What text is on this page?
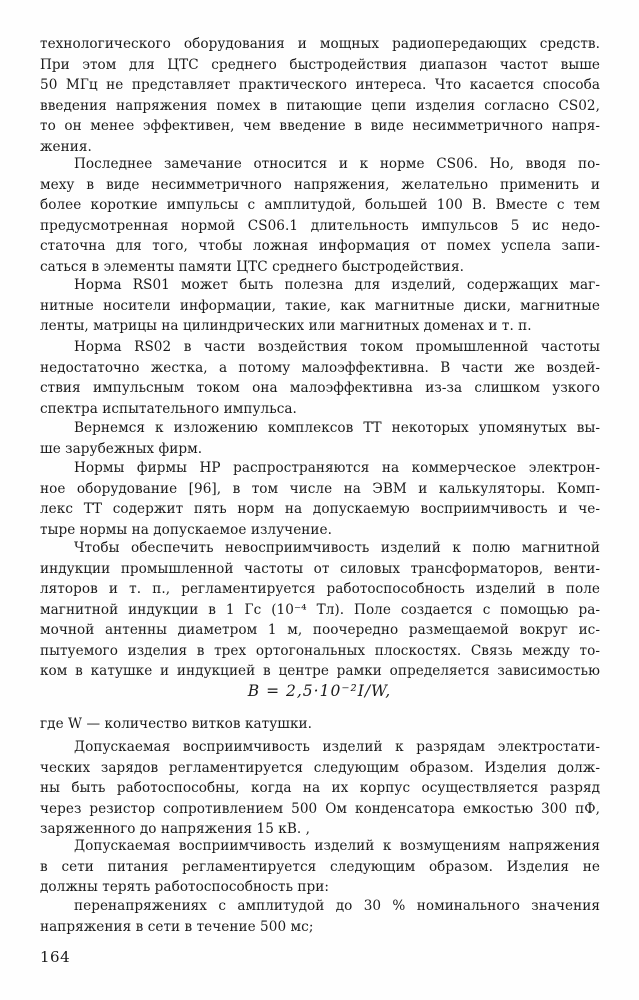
технологического оборудования и мощных радиопередающих средств.
При этом для ЦТС среднего быстродействия диапазон частот выше
50 МГц не представляет практического интереса. Что касается способа
введения напряжения помех в питающие цепи изделия согласно CS02,
то он менее эффективен, чем введение в виде несимметричного напря-
жения.
Последнее замечание относится и к норме CS06. Но, вводя по-
меху в виде несимметричного напряжения, желательно применить и
более короткие импульсы с амплитудой, большей 100 В. Вместе с тем
предусмотренная нормой CS06.1 длительность импульсов 5 ис недо-
статочна для того, чтобы ложная информация от помех успела запи-
саться в элементы памяти ЦТС среднего быстродействия.
Норма RS01 может быть полезна для изделий, содержащих маг-
нитные носители информации, такие, как магнитные диски, магнитные
ленты, матрицы на цилиндрических или магнитных доменах и т. п.
Норма RS02 в части воздействия током промышленной частоты
недостаточно жестка, а потому малоэффективна. В части же воздей-
ствия импульсным током она малоэффективна из-за слишком узкого
спектра испытательного импульса.
Вернемся к изложению комплексов ТТ некоторых упомянутых вы-
ше зарубежных фирм.
Нормы фирмы НР распространяются на коммерческое электрон-
ное оборудование [96], в том числе на ЭВМ и калькуляторы. Комп-
лекс ТТ содержит пять норм на допускаемую восприимчивость и че-
тыре нормы на допускаемое излучение.
Чтобы обеспечить невосприимчивость изделий к полю магнитной
индукции промышленной частоты от силовых трансформаторов, венти-
ляторов и т. п., регламентируется работоспособность изделий в поле
магнитной индукции в 1 Гс (10⁻⁴ Тл). Поле создается с помощью ра-
мочной антенны диаметром 1 м, поочередно размещаемой вокруг ис-
пытуемого изделия в трех ортогональных плоскостях. Связь между то-
ком в катушке и индукцией в центре рамки определяется зависимостью
B = 2,5·10⁻²I/W,
где W — количество витков катушки.
Допускаемая восприимчивость изделий к разрядам электростати-
ческих зарядов регламентируется следующим образом. Изделия долж-
ны быть работоспособны, когда на их корпус осуществляется разряд
через резистор сопротивлением 500 Ом конденсатора емкостью 300 пФ,
заряженного до напряжения 15 кВ. ,
Допускаемая восприимчивость изделий к возмущениям напряжения
в сети питания регламентируется следующим образом. Изделия не
должны терять работоспособность при:
перенапряжениях с амплитудой до 30 % номинального значения
напряжения в сети в течение 500 мс;
164
